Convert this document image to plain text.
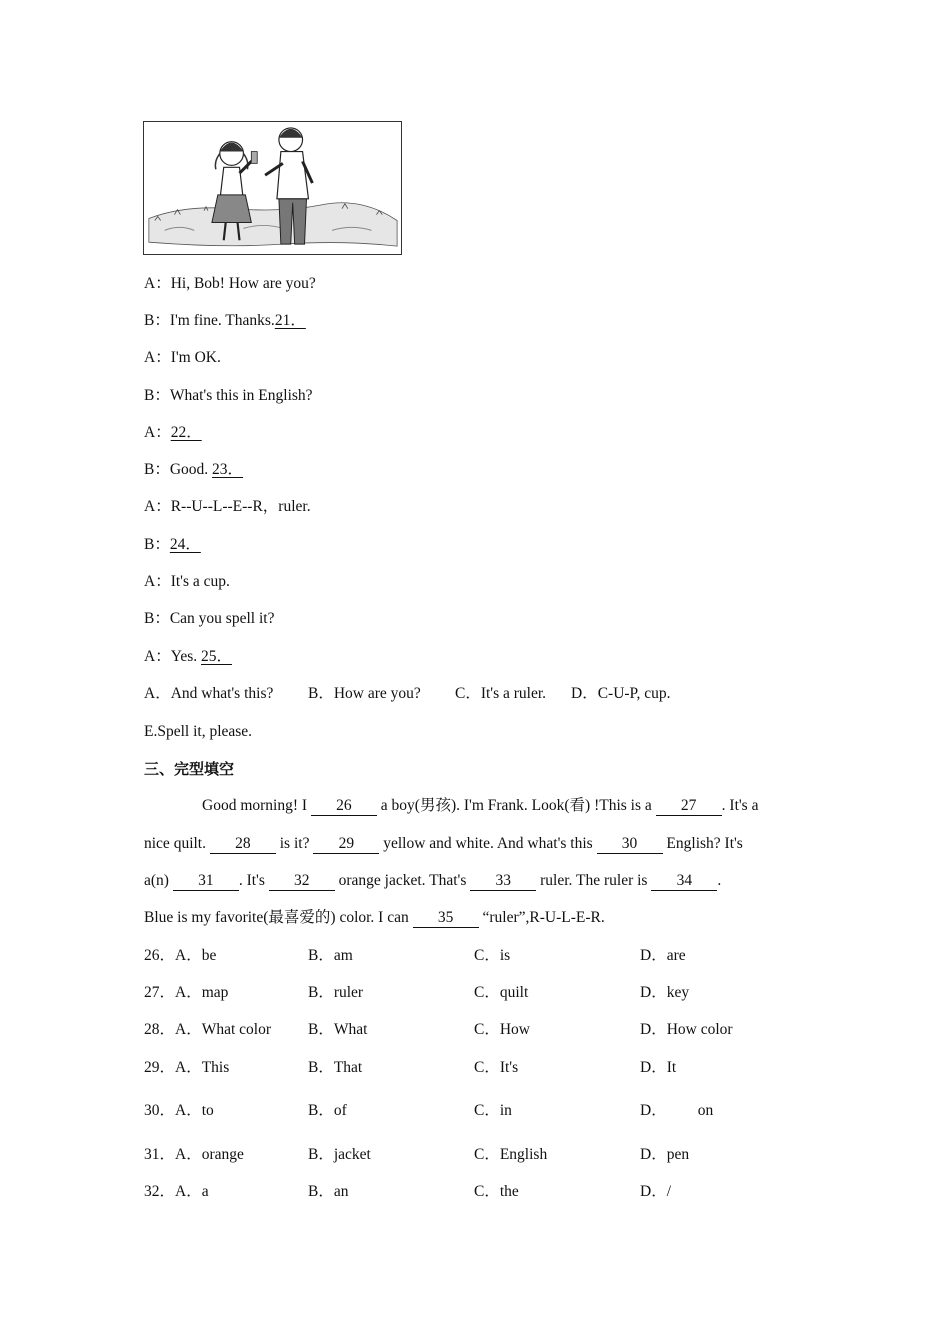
A：Hi, Bob! How are you?
B：I'm fine. Thanks.21．
A：I'm OK.
B：What's this in English?
A：22．
B：Good. 23．
A：R--U--L--E--R，ruler.
B：24．
A：It's a cup.
B：Can you spell it?
A：Yes. 25．
A．And what's this? B．How are you? C．It's a ruler. D．C-U-P, cup.
E.Spell it, please.
三、完型填空
Good morning! I 26 a boy(男孩). I'm Frank. Look(看) !This is a 27 . It's a
nice quilt. 28 is it? 29 yellow and white. And what's this 30 English? It's
a(n) 31 . It's 32 orange jacket. That's 33 ruler. The ruler is 34 .
Blue is my favorite(最喜爱的) color. I can 35 “ruler”,R-U-L-E-R.
26．A．be	B．am	C．is	D．are
27．A．map	B．ruler	C．quilt	D．key
28．A．What color B．What	C．How	D．How color
29．A．This	B．That	C．It's	D．It
30．A．to	B．of	C．in	D．        on
31．A．orange	B．jacket	C．English	D．pen
32．A．a	B．an	C．the	D．/
